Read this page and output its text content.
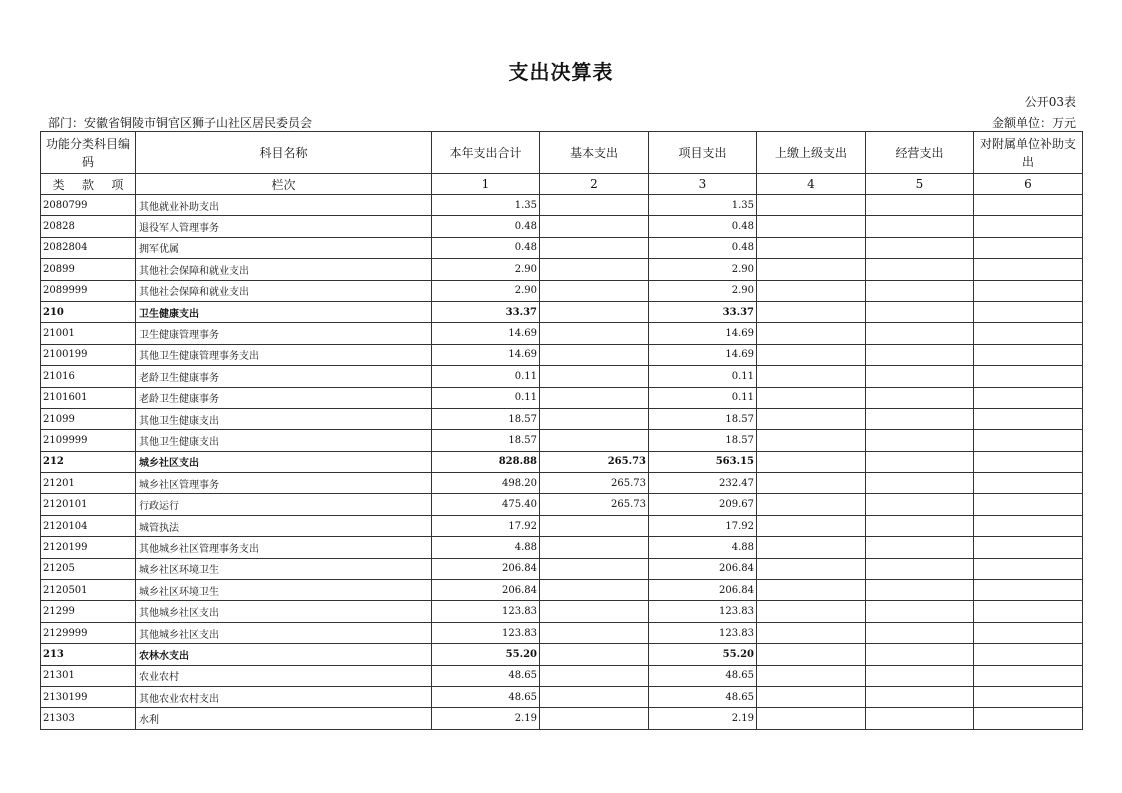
支出决算表
公开03表
部门：安徽省铜陵市铜官区狮子山社区居民委员会	金额单位：万元
功能分类科目编码	科目名称	本年支出合计	基本支出	项目支出	上缴上级支出	经营支出	对附属单位补助支出

类 款 项	栏次	1	2	3	4	5	6
2080799	其他就业补助支出	1.35		1.35			
20828	退役军人管理事务	0.48		0.48			
2082804	拥军优属	0.48		0.48			
20899	其他社会保障和就业支出	2.90		2.90			
2089999	其他社会保障和就业支出	2.90		2.90			
210	卫生健康支出	33.37		33.37			
21001	卫生健康管理事务	14.69		14.69			
2100199	其他卫生健康管理事务支出	14.69		14.69			
21016	老龄卫生健康事务	0.11		0.11			
2101601	老龄卫生健康事务	0.11		0.11			
21099	其他卫生健康支出	18.57		18.57			
2109999	其他卫生健康支出	18.57		18.57			
212	城乡社区支出	828.88	265.73	563.15			
21201	城乡社区管理事务	498.20	265.73	232.47			
2120101	行政运行	475.40	265.73	209.67			
2120104	城管执法	17.92		17.92			
2120199	其他城乡社区管理事务支出	4.88		4.88			
21205	城乡社区环境卫生	206.84		206.84			
2120501	城乡社区环境卫生	206.84		206.84			
21299	其他城乡社区支出	123.83		123.83			
2129999	其他城乡社区支出	123.83		123.83			
213	农林水支出	55.20		55.20			
21301	农业农村	48.65		48.65			
2130199	其他农业农村支出	48.65		48.65			
21303	水利	2.19		2.19			
